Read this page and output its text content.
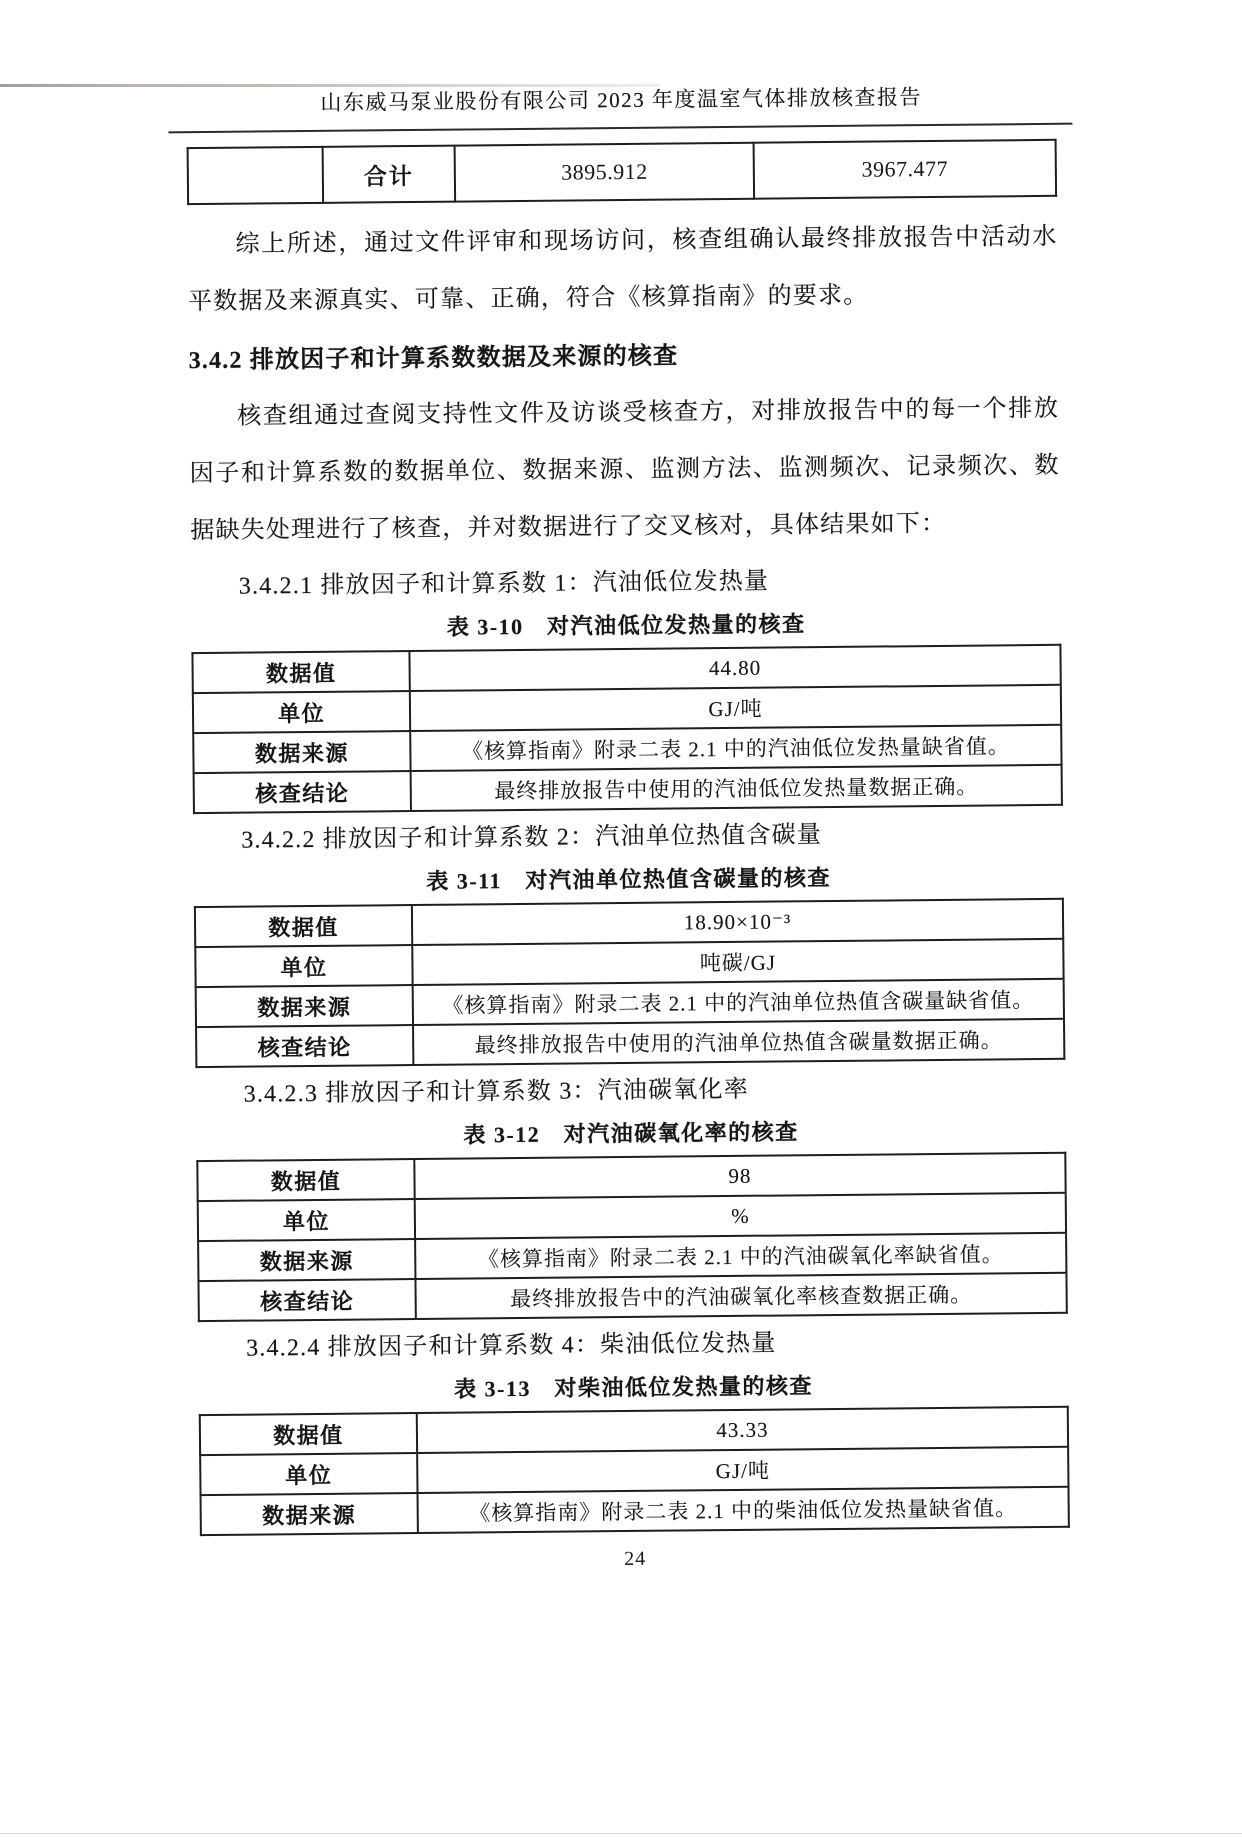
山东威马泵业股份有限公司 2023 年度温室气体排放核查报告
	合计	3895.912	3967.477

综上所述，通过文件评审和现场访问，核查组确认最终排放报告中活动水平数据及来源真实、可靠、正确，符合《核算指南》的要求。

3.4.2 排放因子和计算系数数据及来源的核查

核查组通过查阅支持性文件及访谈受核查方，对排放报告中的每一个排放因子和计算系数的数据单位、数据来源、监测方法、监测频次、记录频次、数据缺失处理进行了核查，并对数据进行了交叉核对，具体结果如下：

3.4.2.1 排放因子和计算系数 1：汽油低位发热量
表 3-10　对汽油低位发热量的核查
数据值	44.80
单位	GJ/吨
数据来源	《核算指南》附录二表 2.1 中的汽油低位发热量缺省值。
核查结论	最终排放报告中使用的汽油低位发热量数据正确。
3.4.2.2 排放因子和计算系数 2：汽油单位热值含碳量
表 3-11　对汽油单位热值含碳量的核查
数据值	18.90×10⁻³
单位	吨碳/GJ
数据来源	《核算指南》附录二表 2.1 中的汽油单位热值含碳量缺省值。
核查结论	最终排放报告中使用的汽油单位热值含碳量数据正确。
3.4.2.3 排放因子和计算系数 3：汽油碳氧化率
表 3-12　对汽油碳氧化率的核查
数据值	98
单位	%
数据来源	《核算指南》附录二表 2.1 中的汽油碳氧化率缺省值。
核查结论	最终排放报告中的汽油碳氧化率核查数据正确。
3.4.2.4 排放因子和计算系数 4：柴油低位发热量
表 3-13　对柴油低位发热量的核查
数据值	43.33
单位	GJ/吨
数据来源	《核算指南》附录二表 2.1 中的柴油低位发热量缺省值。
24
